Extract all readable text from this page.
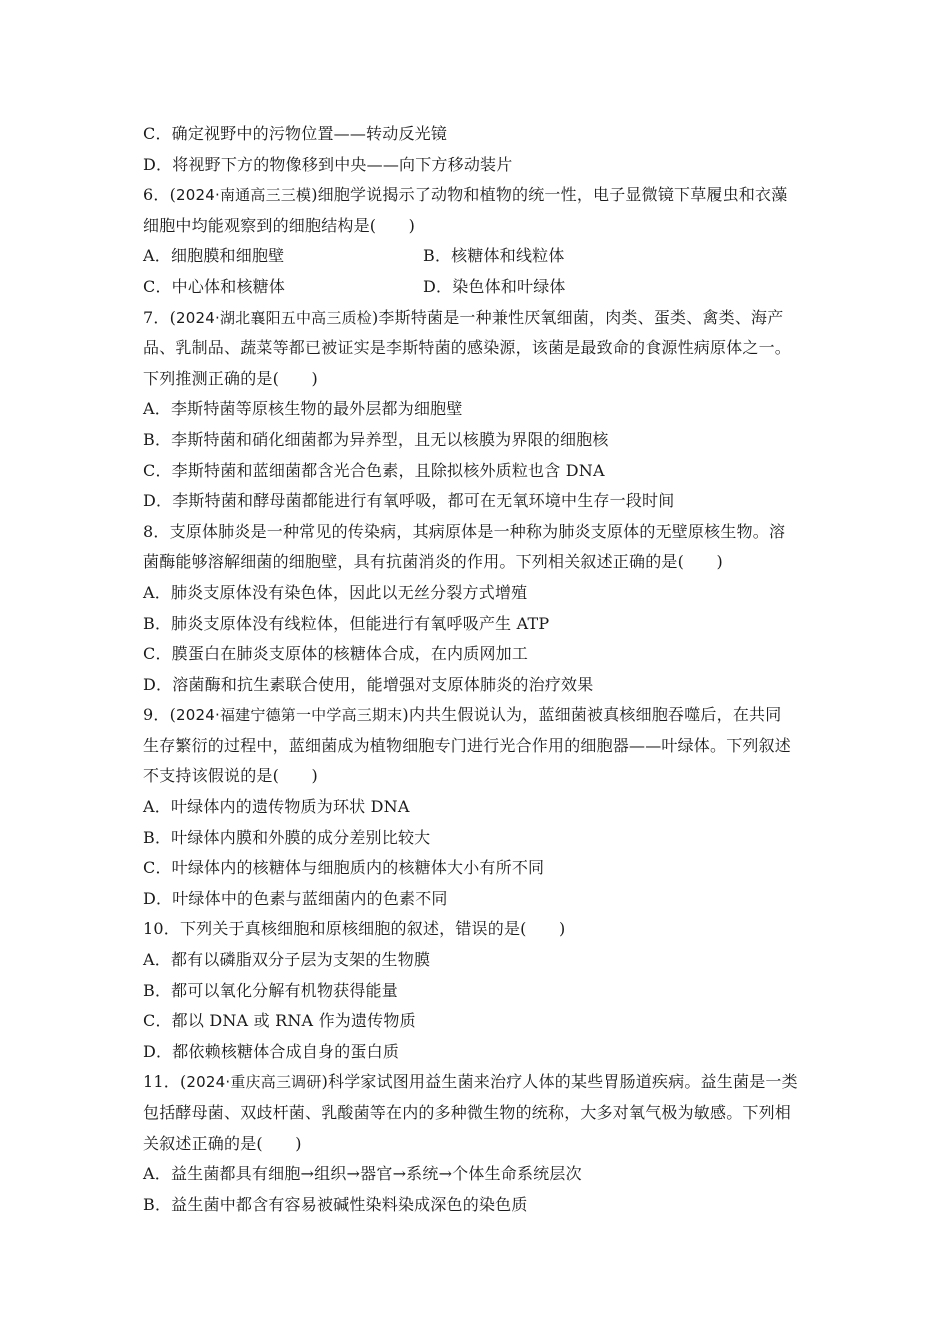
C．确定视野中的污物位置——转动反光镜
D．将视野下方的物像移到中央——向下方移动装片
6．(2024·南通高三三模)细胞学说揭示了动物和植物的统一性，电子显微镜下草履虫和衣藻
细胞中均能观察到的细胞结构是(　　)
A．细胞膜和细胞壁	B．核糖体和线粒体
C．中心体和核糖体	D．染色体和叶绿体
7．(2024·湖北襄阳五中高三质检)李斯特菌是一种兼性厌氧细菌，肉类、蛋类、禽类、海产
品、乳制品、蔬菜等都已被证实是李斯特菌的感染源，该菌是最致命的食源性病原体之一。
下列推测正确的是(　　)
A．李斯特菌等原核生物的最外层都为细胞壁
B．李斯特菌和硝化细菌都为异养型，且无以核膜为界限的细胞核
C．李斯特菌和蓝细菌都含光合色素，且除拟核外质粒也含 DNA
D．李斯特菌和酵母菌都能进行有氧呼吸，都可在无氧环境中生存一段时间
8．支原体肺炎是一种常见的传染病，其病原体是一种称为肺炎支原体的无壁原核生物。溶
菌酶能够溶解细菌的细胞壁，具有抗菌消炎的作用。下列相关叙述正确的是(　　)
A．肺炎支原体没有染色体，因此以无丝分裂方式增殖
B．肺炎支原体没有线粒体，但能进行有氧呼吸产生 ATP
C．膜蛋白在肺炎支原体的核糖体合成，在内质网加工
D．溶菌酶和抗生素联合使用，能增强对支原体肺炎的治疗效果
9．(2024·福建宁德第一中学高三期末)内共生假说认为，蓝细菌被真核细胞吞噬后，在共同
生存繁衍的过程中，蓝细菌成为植物细胞专门进行光合作用的细胞器——叶绿体。下列叙述
不支持该假说的是(　　)
A．叶绿体内的遗传物质为环状 DNA
B．叶绿体内膜和外膜的成分差别比较大
C．叶绿体内的核糖体与细胞质内的核糖体大小有所不同
D．叶绿体中的色素与蓝细菌内的色素不同
10．下列关于真核细胞和原核细胞的叙述，错误的是(　　)
A．都有以磷脂双分子层为支架的生物膜
B．都可以氧化分解有机物获得能量
C．都以 DNA 或 RNA 作为遗传物质
D．都依赖核糖体合成自身的蛋白质
11．(2024·重庆高三调研)科学家试图用益生菌来治疗人体的某些胃肠道疾病。益生菌是一类
包括酵母菌、双歧杆菌、乳酸菌等在内的多种微生物的统称，大多对氧气极为敏感。下列相
关叙述正确的是(　　)
A．益生菌都具有细胞→组织→器官→系统→个体生命系统层次
B．益生菌中都含有容易被碱性染料染成深色的染色质
